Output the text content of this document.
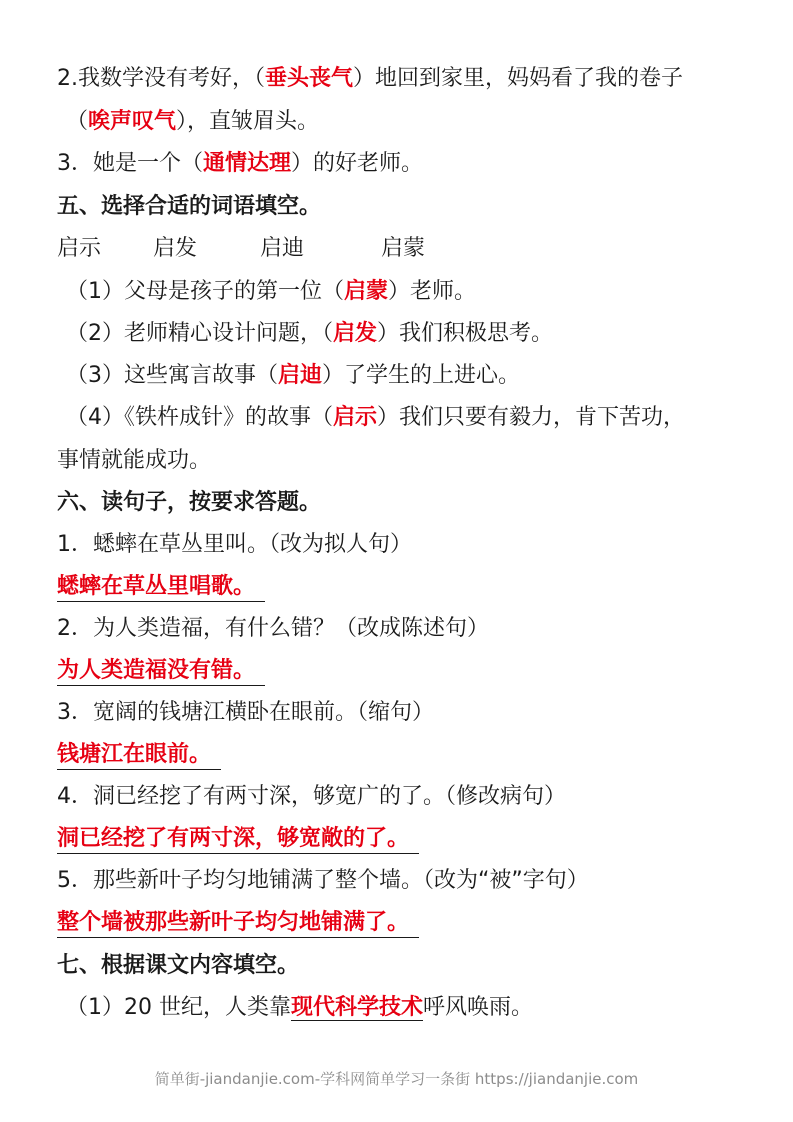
2.我数学没有考好，（垂头丧气）地回到家里，妈妈看了我的卷子
（唉声叹气），直皱眉头。
3．她是一个（通情达理）的好老师。
五、选择合适的词语填空。
启示 启发	启迪	启蒙
（1）父母是孩子的第一位（启蒙）老师。
（2）老师精心设计问题，（启发）我们积极思考。
（3）这些寓言故事（启迪）了学生的上进心。
（4）《铁杵成针》的故事（启示）我们只要有毅力，肯下苦功，
事情就能成功。
六、读句子，按要求答题。
1．蟋蟀在草丛里叫。（改为拟人句）
蟋蟀在草丛里唱歌。
2．为人类造福，有什么错？（改成陈述句）
为人类造福没有错。
3．宽阔的钱塘江横卧在眼前。（缩句）
钱塘江在眼前。
4．洞已经挖了有两寸深，够宽广的了。（修改病句）
洞已经挖了有两寸深，够宽敞的了。
5．那些新叶子均匀地铺满了整个墙。（改为“被”字句）
整个墙被那些新叶子均匀地铺满了。
七、根据课文内容填空。
（1）20 世纪，人类靠现代科学技术呼风唤雨。
简单街-jiandanjie.com-学科网简单学习一条街 https://jiandanjie.com
